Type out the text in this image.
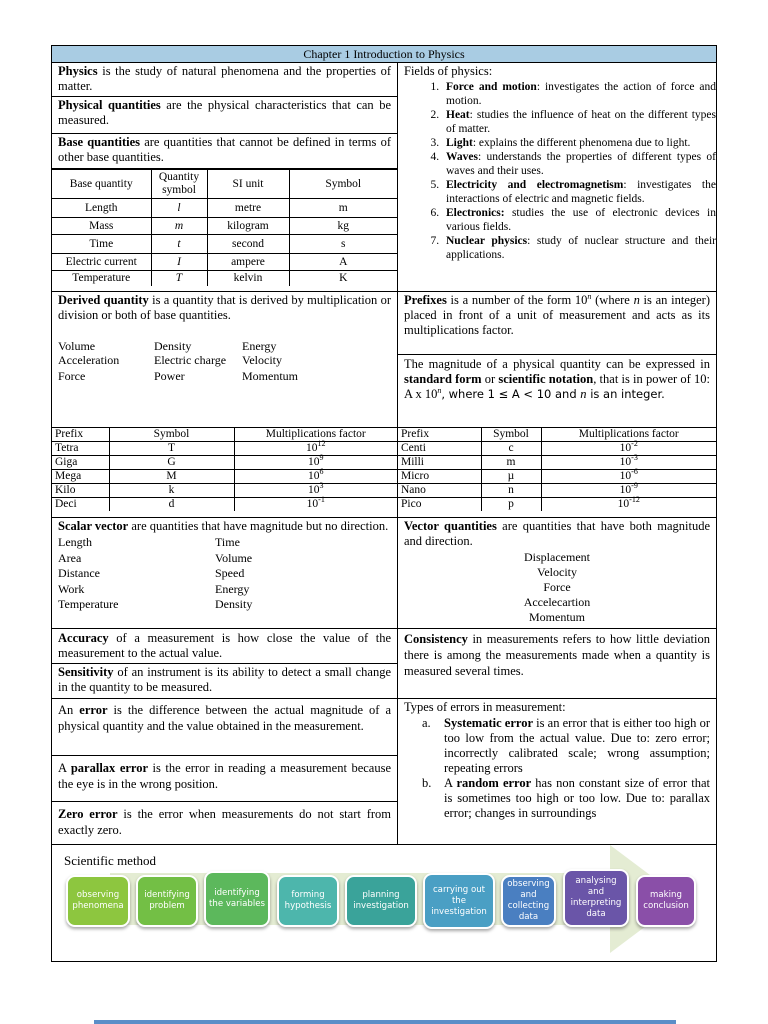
Chapter 1 Introduction to Physics
Physics is the study of natural phenomena and the properties of matter.
Physical quantities are the physical characteristics that can be measured.
Base quantities are quantities that cannot be defined in terms of other base quantities.
Base quantity	Quantity symbol	SI unit	Symbol
Length	l	metre	m
Mass	m	kilogram	kg
Time	t	second	s
Electric current	I	ampere	A
Temperature	T	kelvin	K
Fields of physics:
1. Force and motion: investigates the action of force and motion.
2. Heat: studies the influence of heat on the different types of matter.
3. Light: explains the different phenomena due to light.
4. Waves: understands the properties of different types of waves and their uses.
5. Electricity and electromagnetism: investigates the interactions of electric and magnetic fields.
6. Electronics: studies the use of electronic devices in various fields.
7. Nuclear physics: study of nuclear structure and their applications.
Derived quantity is a quantity that is derived by multiplication or division or both of base quantities.
Volume	Density	Energy
Acceleration	Electric charge	Velocity
Force	Power	Momentum
Prefixes is a number of the form 10$^n$ (where n is an integer) placed in front of a unit of measurement and acts as its multiplications factor.
The magnitude of a physical quantity can be expressed in standard form or scientific notation, that is in power of 10: A x 10$^n$, where 1 ≤ A < 10 and n is an integer.
Prefix	Symbol	Multiplications factor
Tetra	T	$10^{12}$
Giga	G	$10^9$
Mega	M	$10^6$
Kilo	k	$10^3$
Deci	d	$10^{-1}$
Prefix	Symbol	Multiplications factor
Centi	c	$10^{-2}$
Milli	m	$10^{-3}$
Micro	µ	$10^{-6}$
Nano	n	$10^{-9}$
Pico	p	$10^{-12}$
Scalar vector are quantities that have magnitude but no direction.
Length	Time
Area	Volume
Distance	Speed
Work	Energy
Temperature	Density
Vector quantities are quantities that have both magnitude and direction.
Displacement
Velocity
Force
Accelecartion
Momentum
Accuracy of a measurement is how close the value of the measurement to the actual value.
Sensitivity of an instrument is its ability to detect a small change in the quantity to be measured.
Consistency in measurements refers to how little deviation there is among the measurements made when a quantity is measured several times.
An error is the difference between the actual magnitude of a physical quantity and the value obtained in the measurement.
A parallax error is the error in reading a measurement because the eye is in the wrong position.
Zero error is the error when measurements do not start from exactly zero.
Types of errors in measurement:
a. Systematic error is an error that is either too high or too low from the actual value. Due to: zero error; incorrectly calibrated scale; wrong assumption; repeating errors
b. A random error has non constant size of error that is sometimes too high or too low. Due to: parallax error; changes in surroundings
Scientific method
observing phenomena
identifying problem
identifying the variables
forming hypothesis
planning investigation
carrying out the investigation
observing and collecting data
analysing and interpreting data
making conclusion
